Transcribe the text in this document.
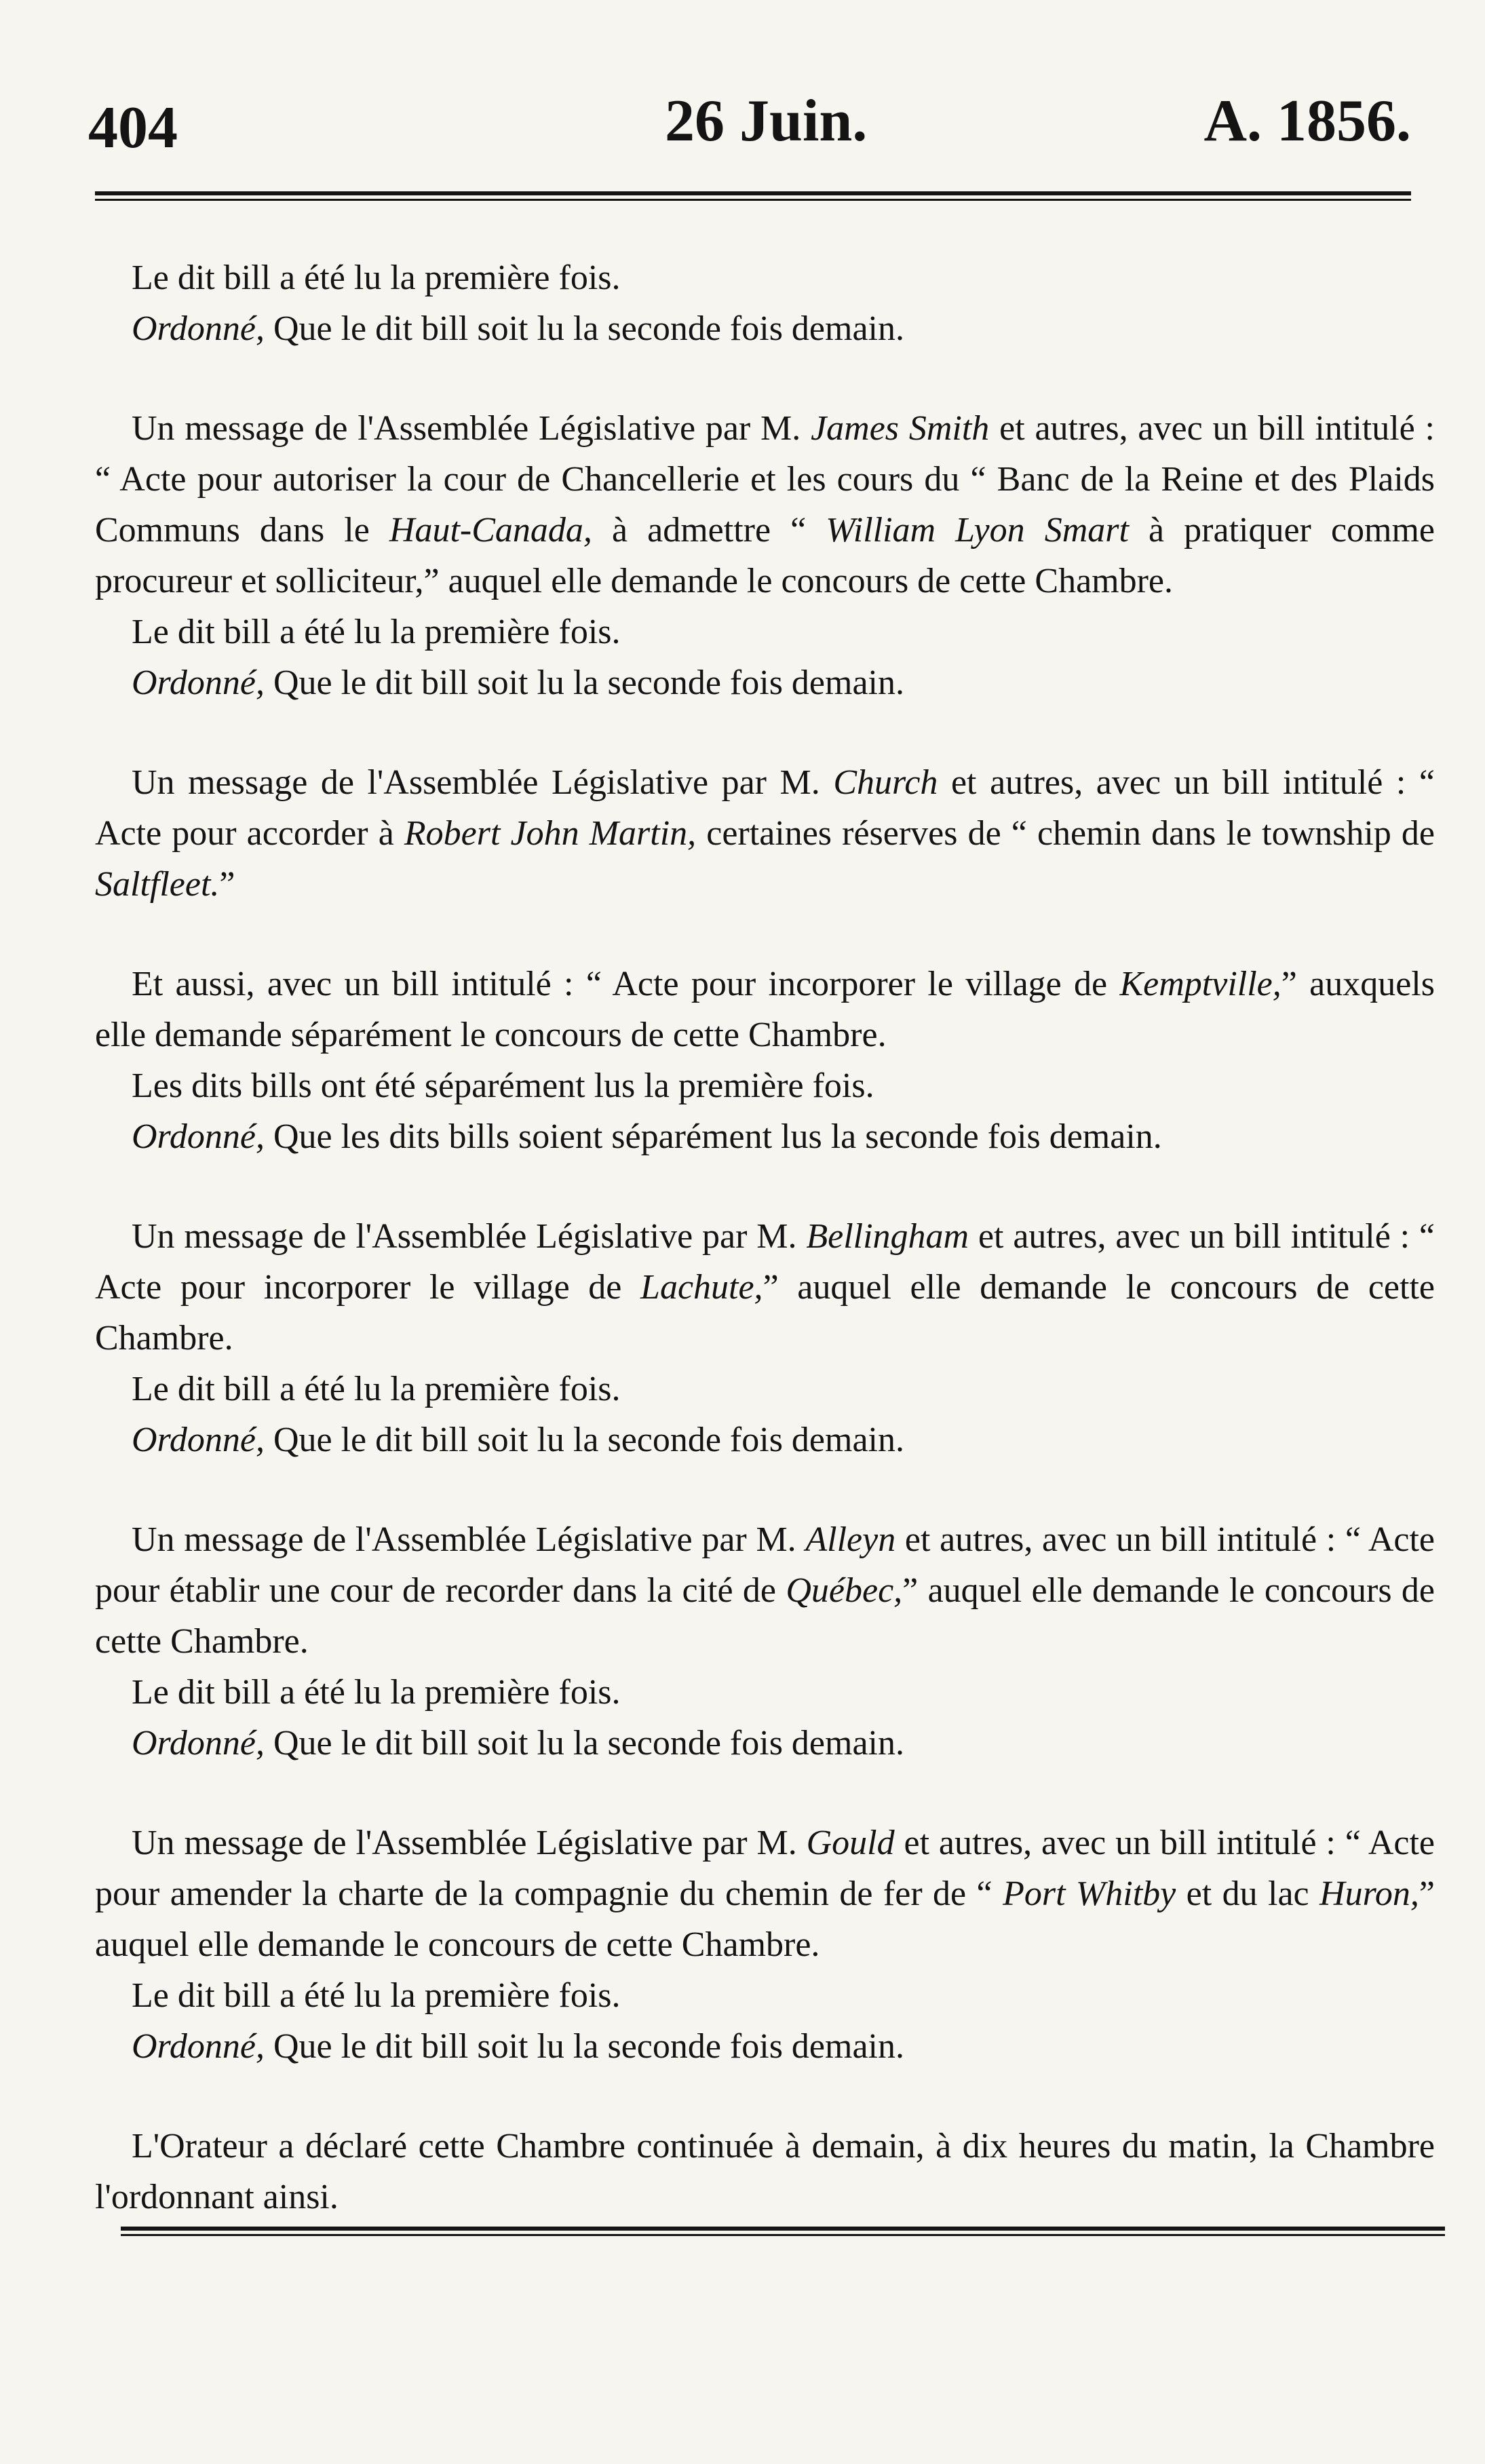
404	26 Juin.	A. 1856.

Le dit bill a été lu la première fois.

Ordonné, Que le dit bill soit lu la seconde fois demain.

Un message de l'Assemblée Législative par M. James Smith et autres, avec un bill intitulé : “ Acte pour autoriser la cour de Chancellerie et les cours du “ Banc de la Reine et des Plaids Communs dans le Haut-Canada, à admettre “ William Lyon Smart à pratiquer comme procureur et solliciteur,” auquel elle demande le concours de cette Chambre.

Le dit bill a été lu la première fois.

Ordonné, Que le dit bill soit lu la seconde fois demain.

Un message de l'Assemblée Législative par M. Church et autres, avec un bill intitulé : “ Acte pour accorder à Robert John Martin, certaines réserves de “ chemin dans le township de Saltfleet.”

Et aussi, avec un bill intitulé : “ Acte pour incorporer le village de Kemptville,” auxquels elle demande séparément le concours de cette Chambre.

Les dits bills ont été séparément lus la première fois.

Ordonné, Que les dits bills soient séparément lus la seconde fois demain.

Un message de l'Assemblée Législative par M. Bellingham et autres, avec un bill intitulé : “ Acte pour incorporer le village de Lachute,” auquel elle demande le concours de cette Chambre.

Le dit bill a été lu la première fois.

Ordonné, Que le dit bill soit lu la seconde fois demain.

Un message de l'Assemblée Législative par M. Alleyn et autres, avec un bill intitulé : “ Acte pour établir une cour de recorder dans la cité de Québec,” auquel elle demande le concours de cette Chambre.

Le dit bill a été lu la première fois.

Ordonné, Que le dit bill soit lu la seconde fois demain.

Un message de l'Assemblée Législative par M. Gould et autres, avec un bill intitulé : “ Acte pour amender la charte de la compagnie du chemin de fer de “ Port Whitby et du lac Huron,” auquel elle demande le concours de cette Chambre.

Le dit bill a été lu la première fois.

Ordonné, Que le dit bill soit lu la seconde fois demain.

L'Orateur a déclaré cette Chambre continuée à demain, à dix heures du matin, la Chambre l'ordonnant ainsi.
